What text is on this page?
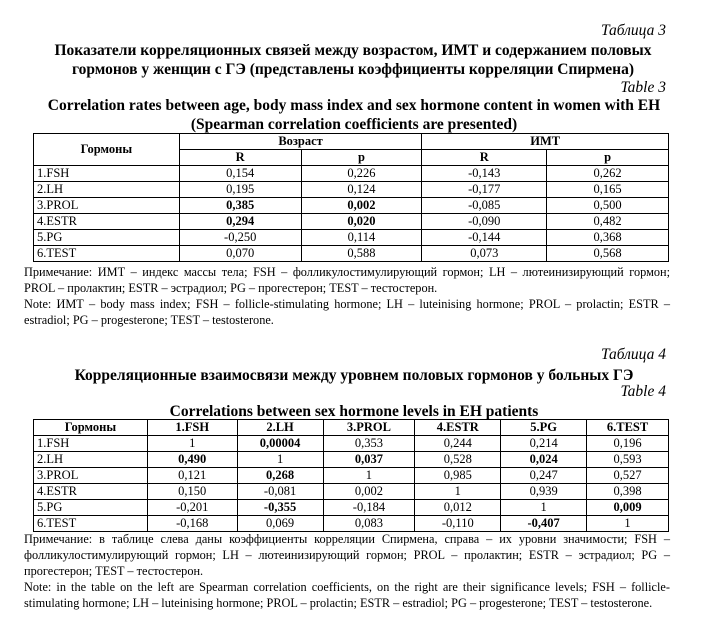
Таблица 3
Показатели корреляционных связей между возрастом, ИМТ и содержанием половых гормонов у женщин с ГЭ (представлены коэффициенты корреляции Спирмена)
Table 3
Correlation rates between age, body mass index and sex hormone content in women with EH (Spearman correlation coefficients are presented)
Гормоны	Возраст		ИМТ	
	R	p	R	p
1.FSH	0,154	0,226	-0,143	0,262
2.LH	0,195	0,124	-0,177	0,165
3.PROL	0,385	0,002	-0,085	0,500
4.ESTR	0,294	0,020	-0,090	0,482
5.PG	-0,250	0,114	-0,144	0,368
6.TEST	0,070	0,588	0,073	0,568
Примечание: ИМТ – индекс массы тела; FSH – фолликулостимулирующий гормон; LH – лютеинизирующий гормон; PROL – пролактин; ESTR – эстрадиол; PG – прогестерон; TEST – тестостерон.
Note: ИМТ – body mass index; FSH – follicle-stimulating hormone; LH – luteinising hormone; PROL – prolactin; ESTR – estradiol; PG – progesterone; TEST – testosterone.
Таблица 4
Корреляционные взаимосвязи между уровнем половых гормонов у больных ГЭ
Table 4
Correlations between sex hormone levels in EH patients
Гормоны	1.FSH	2.LH	3.PROL	4.ESTR	5.PG	6.TEST
1.FSH	1	0,00004	0,353	0,244	0,214	0,196
2.LH	0,490	1	0,037	0,528	0,024	0,593
3.PROL	0,121	0,268	1	0,985	0,247	0,527
4.ESTR	0,150	-0,081	0,002	1	0,939	0,398
5.PG	-0,201	-0,355	-0,184	0,012	1	0,009
6.TEST	-0,168	0,069	0,083	-0,110	-0,407	1
Примечание: в таблице слева даны коэффициенты корреляции Спирмена, справа – их уровни значимости; FSH – фолликулостимулирующий гормон; LH – лютеинизирующий гормон; PROL – пролактин; ESTR – эстрадиол; PG – прогестерон; TEST – тестостерон.
Note: in the table on the left are Spearman correlation coefficients, on the right are their significance levels; FSH – follicle-stimulating hormone; LH – luteinising hormone; PROL – prolactin; ESTR – estradiol; PG – progesterone; TEST – testosterone.
